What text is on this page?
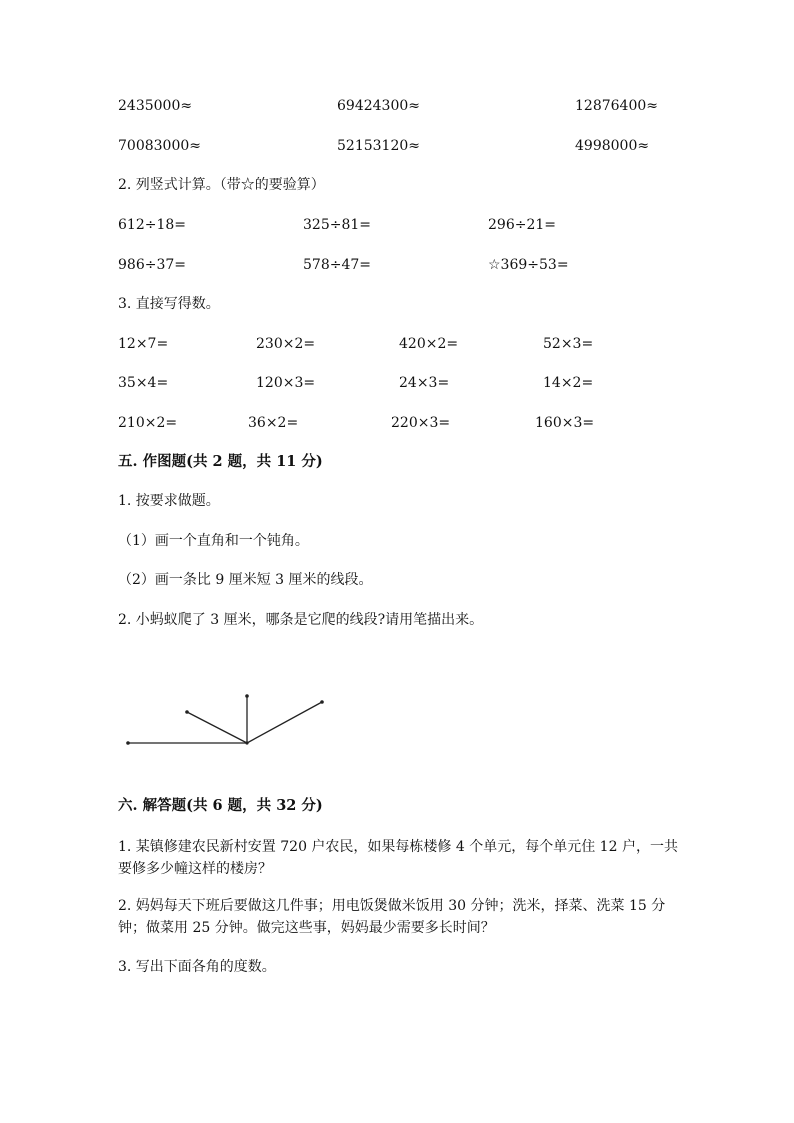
2435000≈	69424300≈	12876400≈
70083000≈	52153120≈	4998000≈
2. 列竖式计算。（带☆的要验算）
612÷18=	325÷81=	296÷21=
986÷37=	578÷47=	☆369÷53=
3. 直接写得数。
12×7=	230×2=	420×2=	52×3=
35×4=	120×3=	24×3=	14×2=
210×2=	36×2=	220×3=	160×3=
五. 作图题(共 2 题，共 11 分)
1. 按要求做题。
（1）画一个直角和一个钝角。
（2）画一条比 9 厘米短 3 厘米的线段。
2. 小蚂蚁爬了 3 厘米，哪条是它爬的线段?请用笔描出来。
六. 解答题(共 6 题，共 32 分)
1. 某镇修建农民新村安置 720 户农民，如果每栋楼修 4 个单元，每个单元住 12 户，一共要修多少幢这样的楼房？
2. 妈妈每天下班后要做这几件事；用电饭煲做米饭用 30 分钟；洗米，择菜、洗菜 15 分钟；做菜用 25 分钟。做完这些事，妈妈最少需要多长时间？
3. 写出下面各角的度数。
